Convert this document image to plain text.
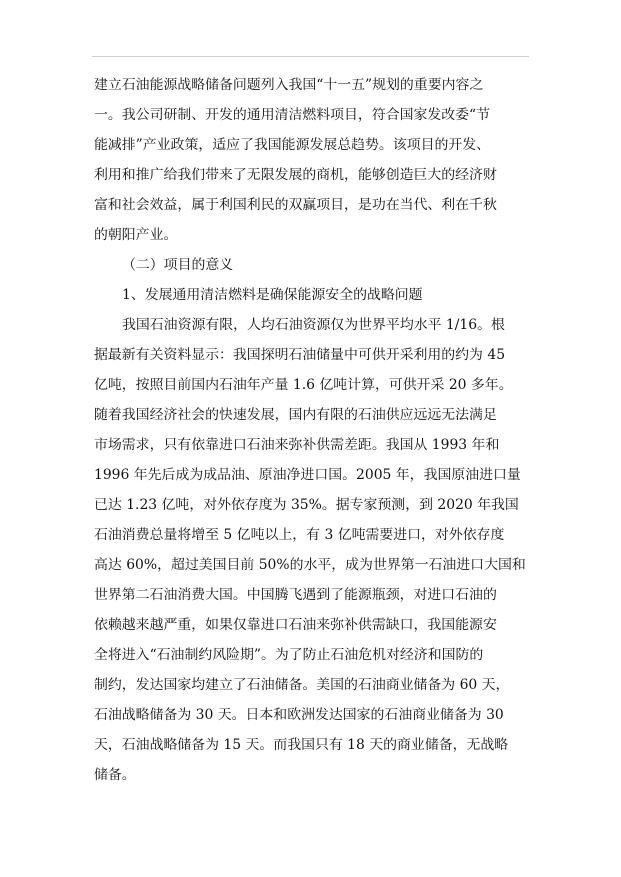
建立石油能源战略储备问题列入我国“十一五”规划的重要内容之
一。我公司研制、开发的通用清洁燃料项目，符合国家发改委“节
能减排”产业政策，适应了我国能源发展总趋势。该项目的开发、
利用和推广给我们带来了无限发展的商机，能够创造巨大的经济财
富和社会效益，属于利国利民的双赢项目，是功在当代、利在千秋
的朝阳产业。
（二）项目的意义
1、发展通用清洁燃料是确保能源安全的战略问题
我国石油资源有限，人均石油资源仅为世界平均水平 1/16。根
据最新有关资料显示：我国探明石油储量中可供开采利用的约为 45
亿吨，按照目前国内石油年产量 1.6 亿吨计算，可供开采 20 多年。
随着我国经济社会的快速发展，国内有限的石油供应远远无法满足
市场需求，只有依靠进口石油来弥补供需差距。我国从 1993 年和
1996 年先后成为成品油、原油净进口国。2005 年，我国原油进口量
已达 1.23 亿吨，对外依存度为 35%。据专家预测，到 2020 年我国
石油消费总量将增至 5 亿吨以上，有 3 亿吨需要进口，对外依存度
高达 60%，超过美国目前 50%的水平，成为世界第一石油进口大国和
世界第二石油消费大国。中国腾飞遇到了能源瓶颈，对进口石油的
依赖越来越严重，如果仅靠进口石油来弥补供需缺口，我国能源安
全将进入“石油制约风险期”。为了防止石油危机对经济和国防的
制约，发达国家均建立了石油储备。美国的石油商业储备为 60 天，
石油战略储备为 30 天。日本和欧洲发达国家的石油商业储备为 30
天，石油战略储备为 15 天。而我国只有 18 天的商业储备，无战略
储备。
